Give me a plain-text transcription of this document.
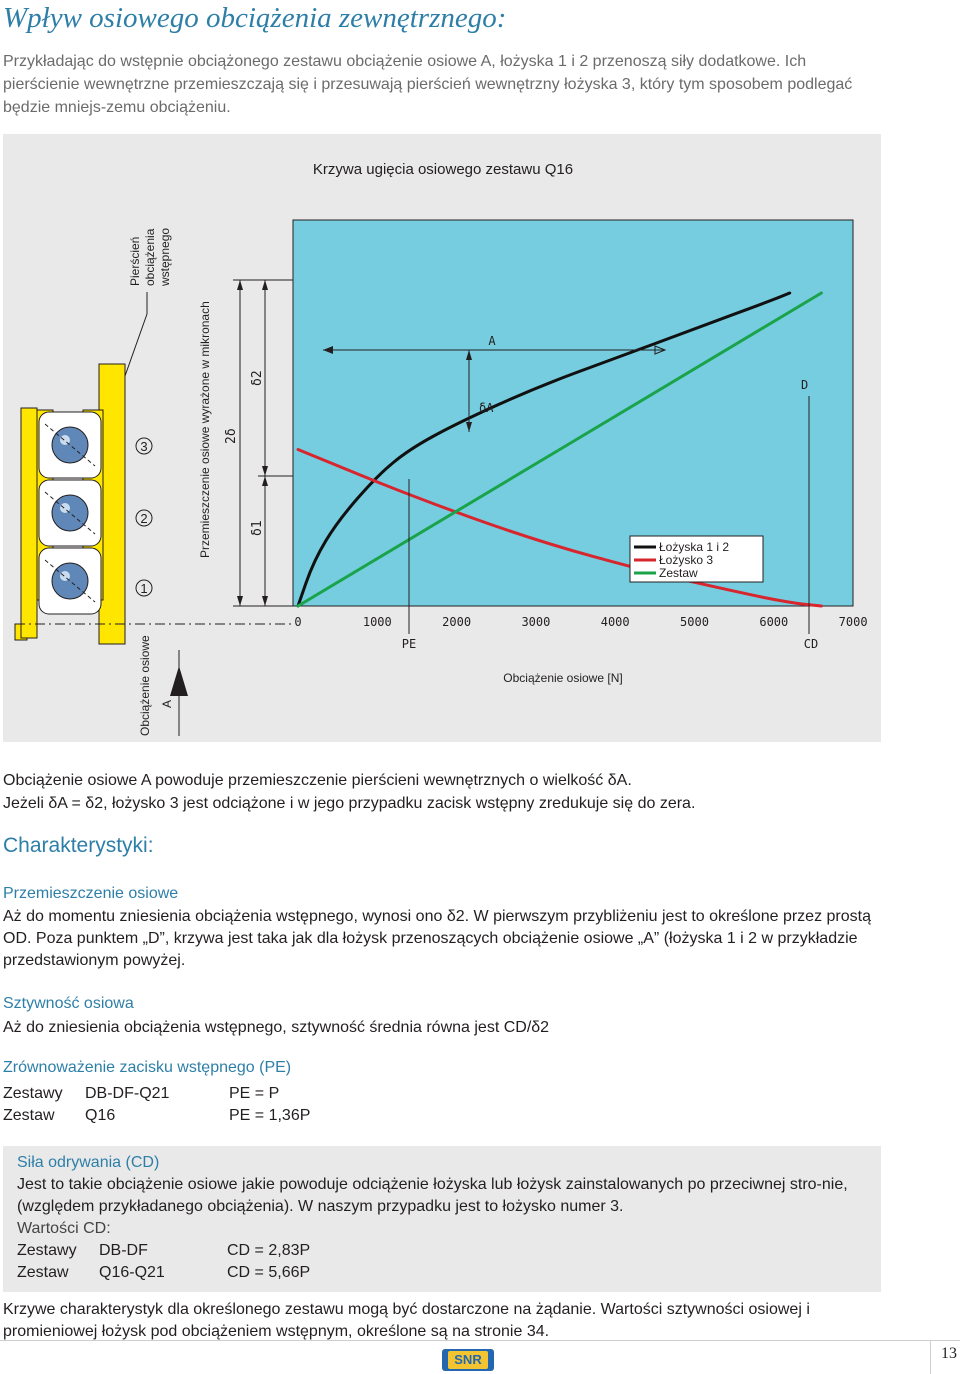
Wpływ osiowego obciążenia zewnętrznego:

Przykładając do wstępnie obciążonego zestawu obciążenie osiowe A, łożyska 1 i 2 przenoszą siły dodatkowe. Ich pierścienie wewnętrzne przemieszczają się i przesuwają pierścień wewnętrzny łożyska 3, który tym sposobem podlegać będzie mniejs-zemu obciążeniu.

Krzywa ugięcia osiowego zestawu Q16
Pierścień obciążenia wstępnego
3
2
1
Przemieszczenie osiowe wyrażone w mikronach 2δ
δ2
δ1
Obciążenie osiowe A
A
δA
D
Łożyska 1 i 2
Łożysko 3
Zestaw
0	1000	2000	3000	4000	5000	6000	7000
PE	CD
Obciążenie osiowe [N]

Obciążenie osiowe A powoduje przemieszczenie pierścieni wewnętrznych o wielkość δA.

Jeżeli δA = δ2, łożysko 3 jest odciążone i w jego przypadku zacisk wstępny zredukuje się do zera.

Charakterystyki:

Przemieszczenie osiowe

Aż do momentu zniesienia obciążenia wstępnego, wynosi ono δ2. W pierwszym przybliżeniu jest to określone przez prostą OD. Poza punktem „D”, krzywa jest taka jak dla łożysk przenoszących obciążenie osiowe „A” (łożyska 1 i 2 w przykładzie przedstawionym powyżej.

Sztywność osiowa

Aż do zniesienia obciążenia wstępnego, sztywność średnia równa jest CD/δ2

Zrównoważenie zacisku wstępnego (PE)

Zestawy DB-DF-Q21	PE = P
Zestaw Q16	PE = 1,36P

Siła odrywania (CD)

Jest to takie obciążenie osiowe jakie powoduje odciążenie łożyska lub łożysk zainstalowanych po przeciwnej stro-nie, (względem przykładanego obciążenia). W naszym przypadku jest to łożysko numer 3.

Wartości CD:

Zestawy DB-DF	CD = 2,83P
Zestaw Q16-Q21	CD = 5,66P

Krzywe charakterystyk dla określonego zestawu mogą być dostarczone na żądanie. Wartości sztywności osiowej i promieniowej łożysk pod obciążeniem wstępnym, określone są na stronie 34.

SNR	13
